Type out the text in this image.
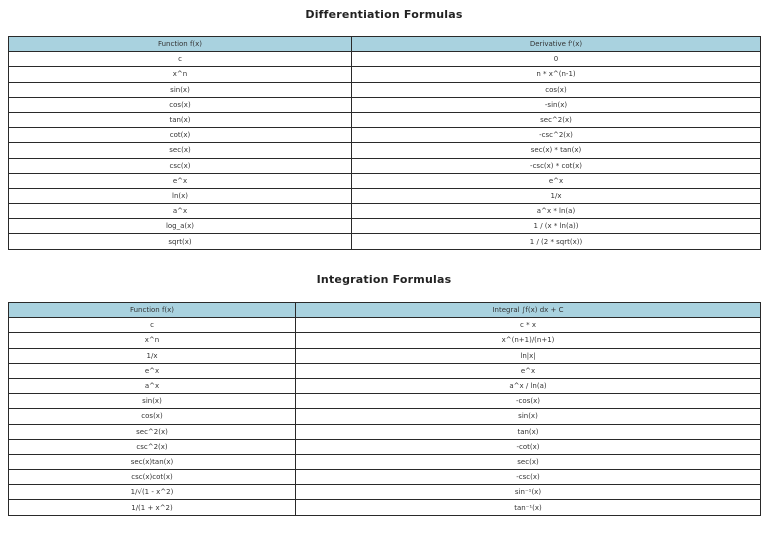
Differentiation Formulas
Function f(x)	Derivative f'(x)
c	0
x^n	n * x^(n-1)
sin(x)	cos(x)
cos(x)	-sin(x)
tan(x)	sec^2(x)
cot(x)	-csc^2(x)
sec(x)	sec(x) * tan(x)
csc(x)	-csc(x) * cot(x)
e^x	e^x
ln(x)	1/x
a^x	a^x * ln(a)
log_a(x)	1 / (x * ln(a))
sqrt(x)	1 / (2 * sqrt(x))
Integration Formulas
Function f(x)	Integral ∫f(x) dx + C
c	c * x
x^n	x^(n+1)/(n+1)
1/x	ln|x|
e^x	e^x
a^x	a^x / ln(a)
sin(x)	-cos(x)
cos(x)	sin(x)
sec^2(x)	tan(x)
csc^2(x)	-cot(x)
sec(x)tan(x)	sec(x)
csc(x)cot(x)	-csc(x)
1/√(1 - x^2)	sin⁻¹(x)
1/(1 + x^2)	tan⁻¹(x)
